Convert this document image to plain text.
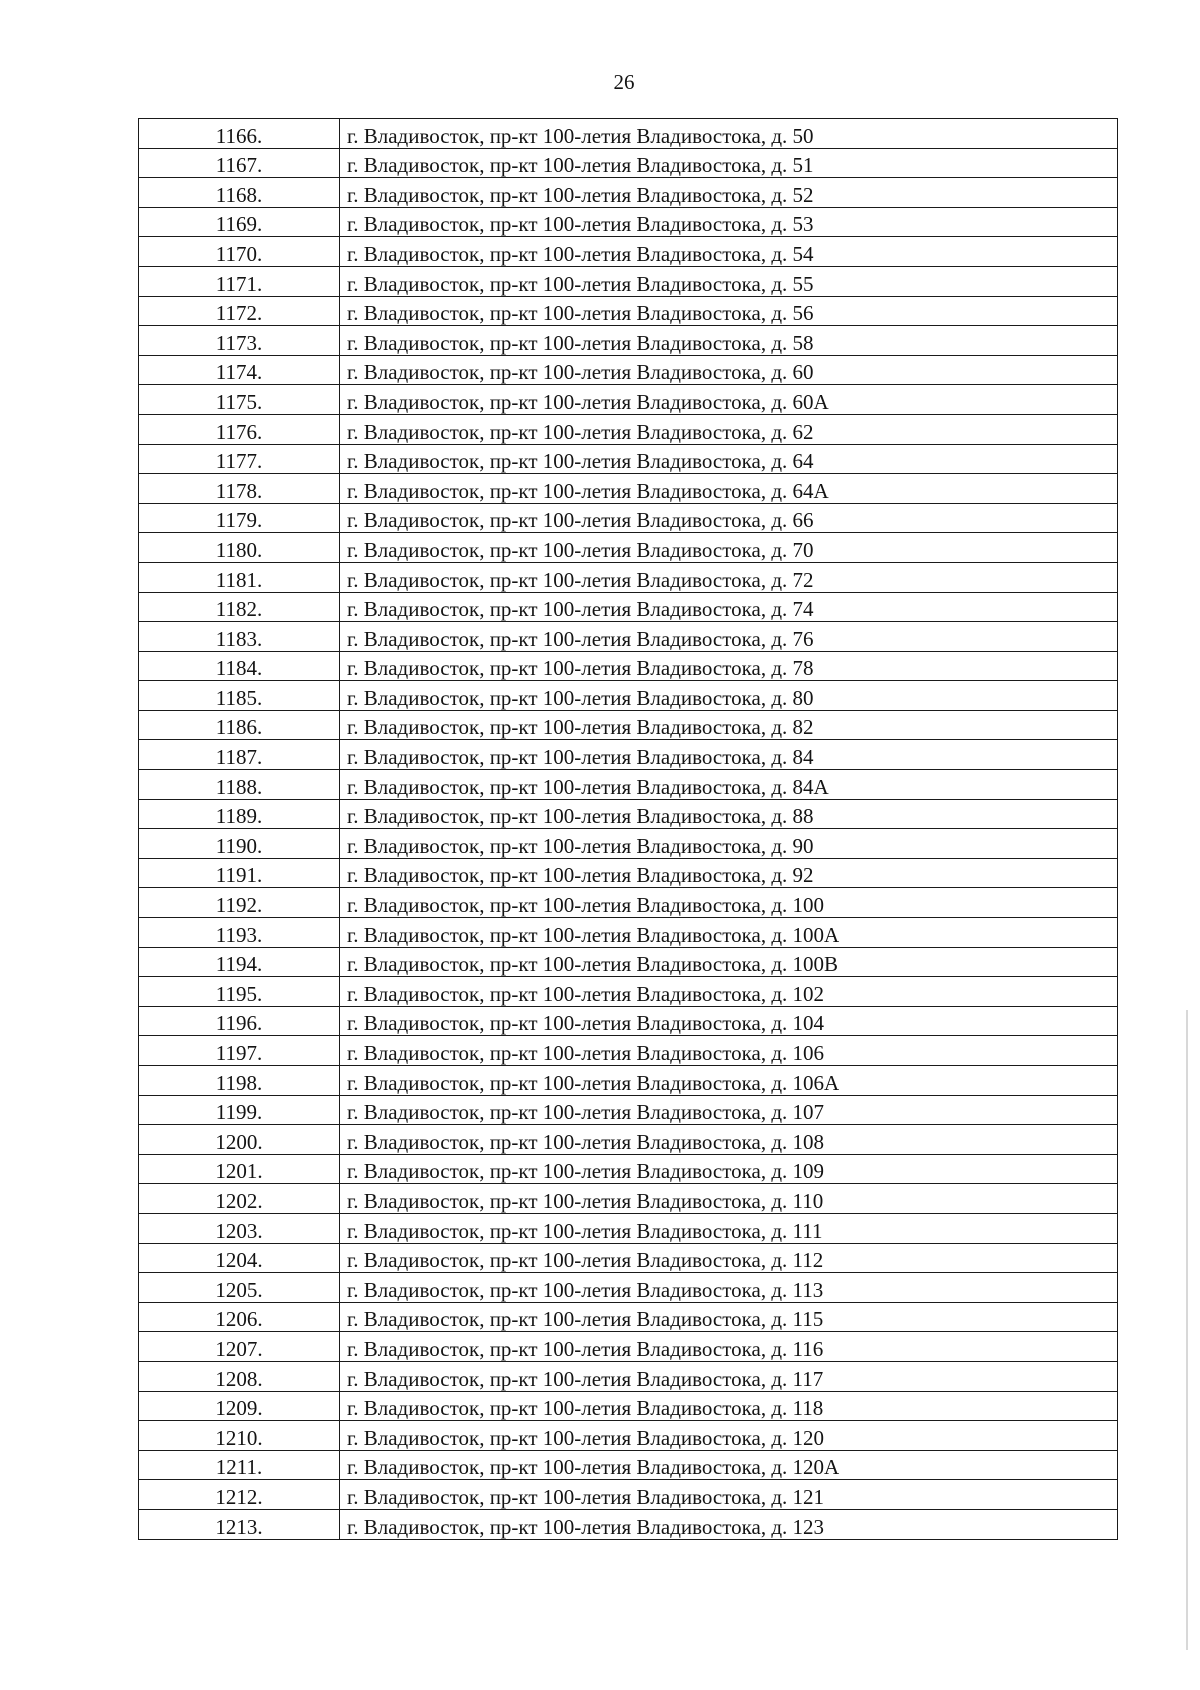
26
1166.	г. Владивосток, пр-кт 100-летия Владивостока, д. 50
1167.	г. Владивосток, пр-кт 100-летия Владивостока, д. 51
1168.	г. Владивосток, пр-кт 100-летия Владивостока, д. 52
1169.	г. Владивосток, пр-кт 100-летия Владивостока, д. 53
1170.	г. Владивосток, пр-кт 100-летия Владивостока, д. 54
1171.	г. Владивосток, пр-кт 100-летия Владивостока, д. 55
1172.	г. Владивосток, пр-кт 100-летия Владивостока, д. 56
1173.	г. Владивосток, пр-кт 100-летия Владивостока, д. 58
1174.	г. Владивосток, пр-кт 100-летия Владивостока, д. 60
1175.	г. Владивосток, пр-кт 100-летия Владивостока, д. 60А
1176.	г. Владивосток, пр-кт 100-летия Владивостока, д. 62
1177.	г. Владивосток, пр-кт 100-летия Владивостока, д. 64
1178.	г. Владивосток, пр-кт 100-летия Владивостока, д. 64А
1179.	г. Владивосток, пр-кт 100-летия Владивостока, д. 66
1180.	г. Владивосток, пр-кт 100-летия Владивостока, д. 70
1181.	г. Владивосток, пр-кт 100-летия Владивостока, д. 72
1182.	г. Владивосток, пр-кт 100-летия Владивостока, д. 74
1183.	г. Владивосток, пр-кт 100-летия Владивостока, д. 76
1184.	г. Владивосток, пр-кт 100-летия Владивостока, д. 78
1185.	г. Владивосток, пр-кт 100-летия Владивостока, д. 80
1186.	г. Владивосток, пр-кт 100-летия Владивостока, д. 82
1187.	г. Владивосток, пр-кт 100-летия Владивостока, д. 84
1188.	г. Владивосток, пр-кт 100-летия Владивостока, д. 84А
1189.	г. Владивосток, пр-кт 100-летия Владивостока, д. 88
1190.	г. Владивосток, пр-кт 100-летия Владивостока, д. 90
1191.	г. Владивосток, пр-кт 100-летия Владивостока, д. 92
1192.	г. Владивосток, пр-кт 100-летия Владивостока, д. 100
1193.	г. Владивосток, пр-кт 100-летия Владивостока, д. 100А
1194.	г. Владивосток, пр-кт 100-летия Владивостока, д. 100В
1195.	г. Владивосток, пр-кт 100-летия Владивостока, д. 102
1196.	г. Владивосток, пр-кт 100-летия Владивостока, д. 104
1197.	г. Владивосток, пр-кт 100-летия Владивостока, д. 106
1198.	г. Владивосток, пр-кт 100-летия Владивостока, д. 106А
1199.	г. Владивосток, пр-кт 100-летия Владивостока, д. 107
1200.	г. Владивосток, пр-кт 100-летия Владивостока, д. 108
1201.	г. Владивосток, пр-кт 100-летия Владивостока, д. 109
1202.	г. Владивосток, пр-кт 100-летия Владивостока, д. 110
1203.	г. Владивосток, пр-кт 100-летия Владивостока, д. 111
1204.	г. Владивосток, пр-кт 100-летия Владивостока, д. 112
1205.	г. Владивосток, пр-кт 100-летия Владивостока, д. 113
1206.	г. Владивосток, пр-кт 100-летия Владивостока, д. 115
1207.	г. Владивосток, пр-кт 100-летия Владивостока, д. 116
1208.	г. Владивосток, пр-кт 100-летия Владивостока, д. 117
1209.	г. Владивосток, пр-кт 100-летия Владивостока, д. 118
1210.	г. Владивосток, пр-кт 100-летия Владивостока, д. 120
1211.	г. Владивосток, пр-кт 100-летия Владивостока, д. 120А
1212.	г. Владивосток, пр-кт 100-летия Владивостока, д. 121
1213.	г. Владивосток, пр-кт 100-летия Владивостока, д. 123
